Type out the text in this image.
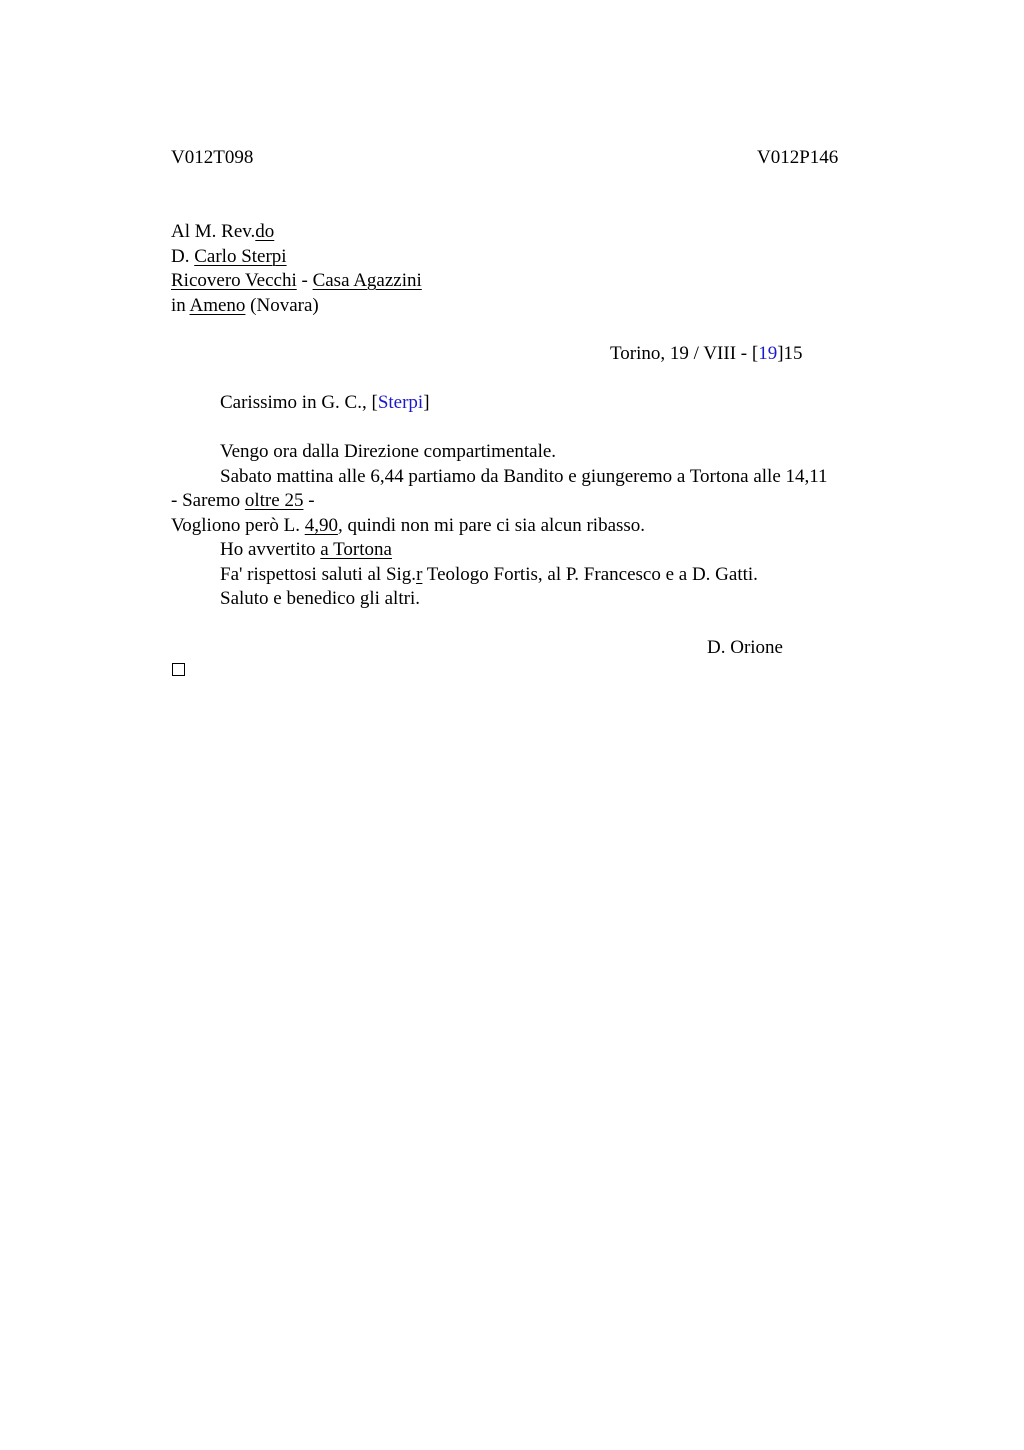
V012T098	V012P146
Al M. Rev.do
D. Carlo Sterpi
Ricovero Vecchi - Casa Agazzini
in Ameno (Novara)
Torino, 19 / VIII - [19]15
Carissimo in G. C., [Sterpi]
Vengo ora dalla Direzione compartimentale.
Sabato mattina alle 6,44 partiamo da Bandito e giungeremo a Tortona alle 14,11
- Saremo oltre 25 -
Vogliono però L. 4,90, quindi non mi pare ci sia alcun ribasso.
Ho avvertito a Tortona
Fa' rispettosi saluti al Sig.r Teologo Fortis, al P. Francesco e a D. Gatti.
Saluto e benedico gli altri.
D. Orione
